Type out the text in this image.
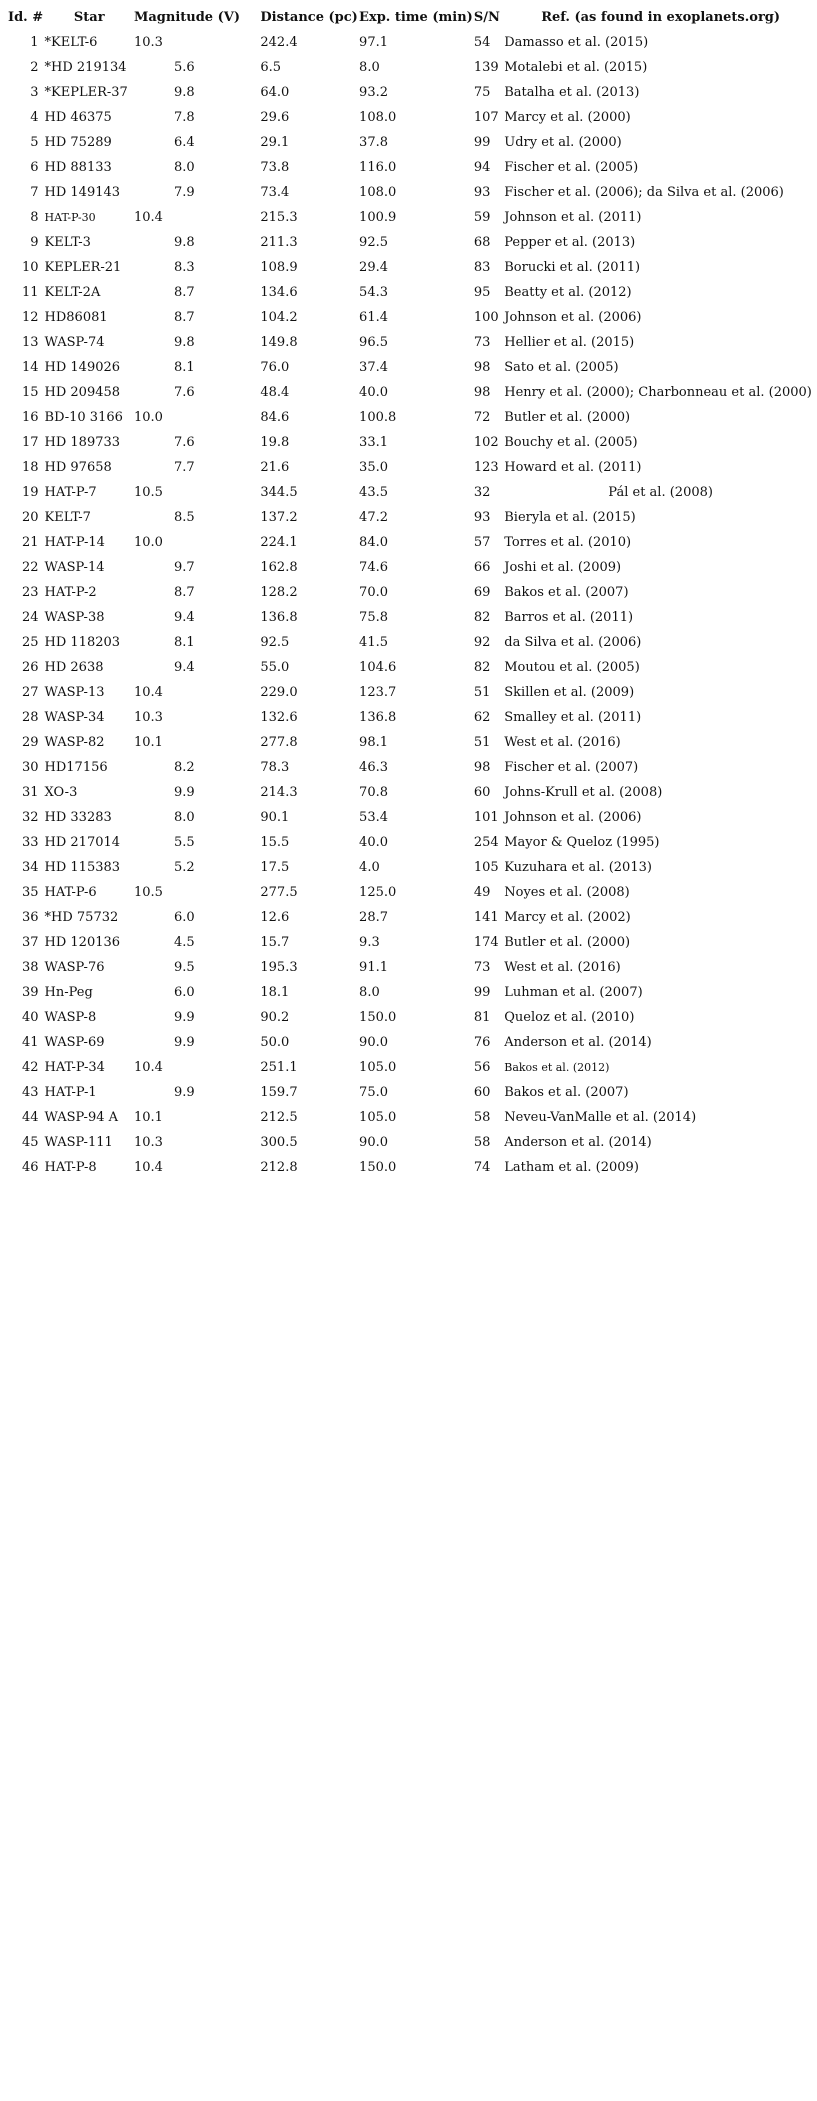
Id. #	Star	Magnitude (V)	Distance (pc)	Exp. time (min)	S/N	Ref. (as found in exoplanets.org)
1	*KELT-6	10.3	242.4	97.1	54	Damasso et al. (2015)
2	*HD 219134	5.6	6.5	8.0	139	Motalebi et al. (2015)
3	*KEPLER-37	9.8	64.0	93.2	75	Batalha et al. (2013)
4	HD 46375	7.8	29.6	108.0	107	Marcy et al. (2000)
5	HD 75289	6.4	29.1	37.8	99	Udry et al. (2000)
6	HD 88133	8.0	73.8	116.0	94	Fischer et al. (2005)
7	HD 149143	7.9	73.4	108.0	93	Fischer et al. (2006); da Silva et al. (2006)
8	HAT-P-30	10.4	215.3	100.9	59	Johnson et al. (2011)
9	KELT-3	9.8	211.3	92.5	68	Pepper et al. (2013)
10	KEPLER-21	8.3	108.9	29.4	83	Borucki et al. (2011)
11	KELT-2A	8.7	134.6	54.3	95	Beatty et al. (2012)
12	HD86081	8.7	104.2	61.4	100	Johnson et al. (2006)
13	WASP-74	9.8	149.8	96.5	73	Hellier et al. (2015)
14	HD 149026	8.1	76.0	37.4	98	Sato et al. (2005)
15	HD 209458	7.6	48.4	40.0	98	Henry et al. (2000); Charbonneau et al. (2000)
16	BD-10 3166	10.0	84.6	100.8	72	Butler et al. (2000)
17	HD 189733	7.6	19.8	33.1	102	Bouchy et al. (2005)
18	HD 97658	7.7	21.6	35.0	123	Howard et al. (2011)
19	HAT-P-7	10.5	344.5	43.5	32	Pál et al. (2008)
20	KELT-7	8.5	137.2	47.2	93	Bieryla et al. (2015)
21	HAT-P-14	10.0	224.1	84.0	57	Torres et al. (2010)
22	WASP-14	9.7	162.8	74.6	66	Joshi et al. (2009)
23	HAT-P-2	8.7	128.2	70.0	69	Bakos et al. (2007)
24	WASP-38	9.4	136.8	75.8	82	Barros et al. (2011)
25	HD 118203	8.1	92.5	41.5	92	da Silva et al. (2006)
26	HD 2638	9.4	55.0	104.6	82	Moutou et al. (2005)
27	WASP-13	10.4	229.0	123.7	51	Skillen et al. (2009)
28	WASP-34	10.3	132.6	136.8	62	Smalley et al. (2011)
29	WASP-82	10.1	277.8	98.1	51	West et al. (2016)
30	HD17156	8.2	78.3	46.3	98	Fischer et al. (2007)
31	XO-3	9.9	214.3	70.8	60	Johns-Krull et al. (2008)
32	HD 33283	8.0	90.1	53.4	101	Johnson et al. (2006)
33	HD 217014	5.5	15.5	40.0	254	Mayor & Queloz (1995)
34	HD 115383	5.2	17.5	4.0	105	Kuzuhara et al. (2013)
35	HAT-P-6	10.5	277.5	125.0	49	Noyes et al. (2008)
36	*HD 75732	6.0	12.6	28.7	141	Marcy et al. (2002)
37	HD 120136	4.5	15.7	9.3	174	Butler et al. (2000)
38	WASP-76	9.5	195.3	91.1	73	West et al. (2016)
39	Hn-Peg	6.0	18.1	8.0	99	Luhman et al. (2007)
40	WASP-8	9.9	90.2	150.0	81	Queloz et al. (2010)
41	WASP-69	9.9	50.0	90.0	76	Anderson et al. (2014)
42	HAT-P-34	10.4	251.1	105.0	56	Bakos et al. (2012)
43	HAT-P-1	9.9	159.7	75.0	60	Bakos et al. (2007)
44	WASP-94 A	10.1	212.5	105.0	58	Neveu-VanMalle et al. (2014)
45	WASP-111	10.3	300.5	90.0	58	Anderson et al. (2014)
46	HAT-P-8	10.4	212.8	150.0	74	Latham et al. (2009)
